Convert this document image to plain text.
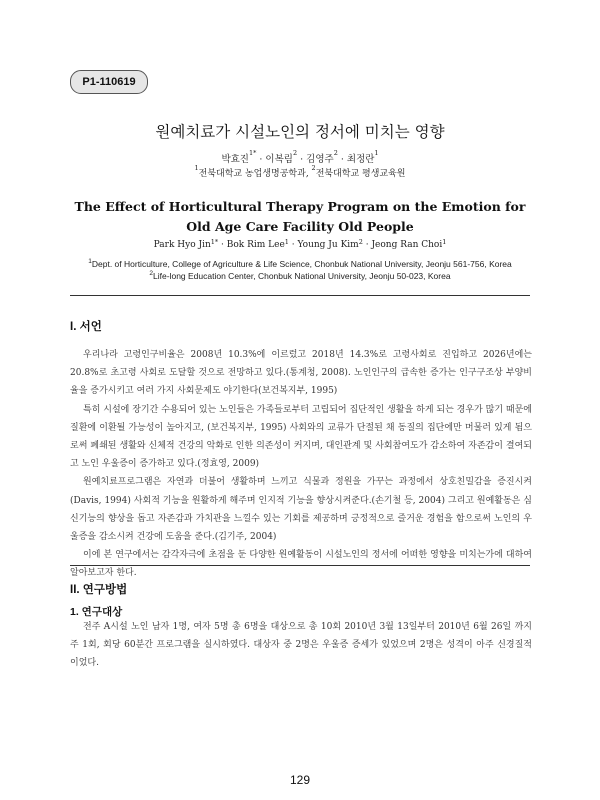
P1-110619
원예치료가 시설노인의 정서에 미치는 영향
박효진$^{1*}$ · 이복림$^2$ · 김영주$^2$ · 최정란$^1$
$^1$전북대학교 농업생명공학과, $^2$전북대학교 평생교육원
The Effect of Horticultural Therapy Program on the Emotion for
Old Age Care Facility Old People
Park Hyo Jin$^{1*}$ · Bok Rim Lee$^1$ · Young Ju Kim$^2$ · Jeong Ran Choi$^1$
$^1$Dept. of Horticulture, College of Agriculture & Life Science, Chonbuk National University, Jeonju 561-756, Korea
$^2$Life-long Education Center, Chonbuk National University, Jeonju 50-023, Korea
I. 서언

우리나라 고령인구비율은 2008년 10.3%에 이르렀고 2018년 14.3%로 고령사회로 진입하고 2026년에는 20.8%로 초고령 사회로 도달할 것으로 전망하고 있다.(통계청, 2008). 노인인구의 급속한 증가는 인구구조상 부양비율을 증가시키고 여러 가지 사회문제도 야기한다(보건복지부, 1995)

특히 시설에 장기간 수용되어 있는 노인들은 가족들로부터 고립되어 집단적인 생활을 하게 되는 경우가 많기 때문에 질환에 이환될 가능성이 높아지고, (보건복지부, 1995) 사회와의 교류가 단절된 채 동질의 집단에만 머물러 있게 됨으로써 폐쇄된 생활와 신체적 건강의 악화로 인한 의존성이 커지며, 대인관계 및 사회참여도가 감소하여 자존감이 결여되고 노인 우울증이 증가하고 있다.(정효영, 2009)

원예치료프로그램은 자연과 더불어 생활하며 느끼고 식물과 정원을 가꾸는 과정에서 상호친밀감을 증진시켜(Davis, 1994) 사회적 기능을 원활하게 해주며 인지적 기능을 향상시켜준다.(손기철 등, 2004) 그리고 원예활동은 심신기능의 향상을 돕고 자존감과 가치관을 느낄수 있는 기회를 제공하며 긍정적으로 즐거운 경험을 함으로써 노인의 우울증을 감소시켜 건강에 도움을 준다.(김기주, 2004)

이에 본 연구에서는 감각자극에 초점을 둔 다양한 원예활동이 시설노인의 정서에 어떠한 영향을 미치는가에 대하여 알아보고자 한다.

II. 연구방법
1. 연구대상

전주 A시설 노인 남자 1명, 여자 5명 총 6명을 대상으로 총 10회 2010년 3월 13일부터 2010년 6월 26일 까지 주 1회, 회당 60분간 프로그램을 실시하였다. 대상자 중 2명은 우울증 증세가 있었으며 2명은 성격이 아주 신경질적 이었다.

129
